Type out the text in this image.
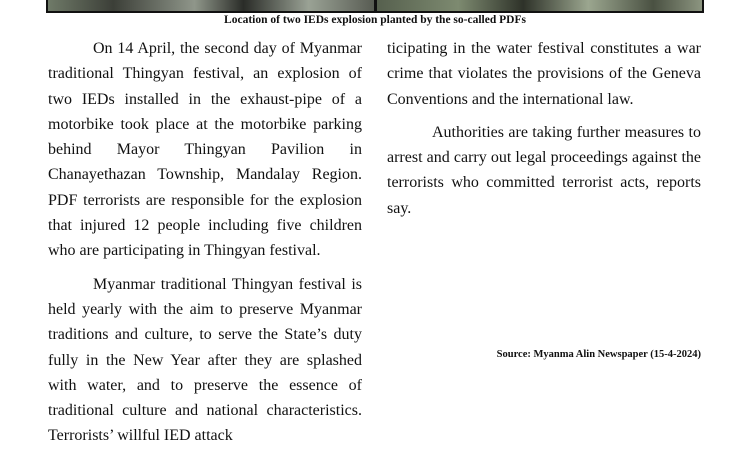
Location of two IEDs explosion planted by the so-called PDFs

On 14 April, the second day of Myanmar traditional Thingyan festival, an explosion of two IEDs installed in the exhaust-pipe of a motorbike took place at the motorbike parking behind Mayor Thingyan Pavilion in Chanayethazan Township, Mandalay Region. PDF terrorists are responsible for the explosion that injured 12 people including five children who are participating in Thingyan festival.

Myanmar traditional Thingyan festival is held yearly with the aim to preserve Myanmar traditions and culture, to serve the State’s duty fully in the New Year after they are splashed with water, and to preserve the essence of traditional culture and national characteristics. Terrorists’ willful IED attack

ticipating in the water festival constitutes a war crime that violates the provisions of the Geneva Conventions and the international law.

Authorities are taking further measures to arrest and carry out legal proceedings against the terrorists who committed terrorist acts, reports say.

Source: Myanma Alin Newspaper (15-4-2024)
